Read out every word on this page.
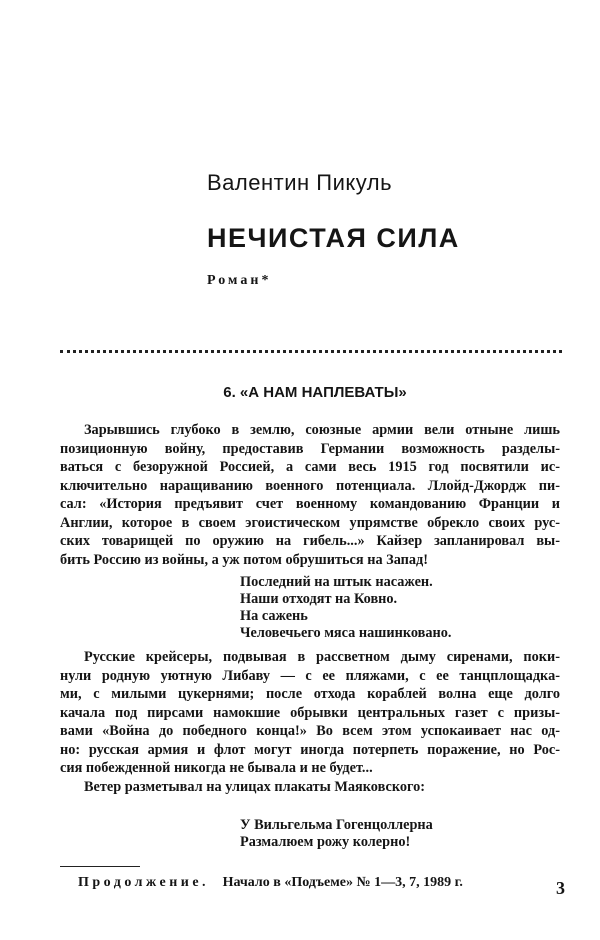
Валентин Пикуль
НЕЧИСТАЯ СИЛА
Роман*
6. «А НАМ НАПЛЕВАТЫ»
Зарывшись глубоко в землю, союзные армии вели отныне лишь
позиционную войну, предоставив Германии возможность разделы-
ваться с безоружной Россией, а сами весь 1915 год посвятили ис-
ключительно наращиванию военного потенциала. Ллойд-Джордж пи-
сал: «История предъявит счет военному командованию Франции и
Англии, которое в своем эгоистическом упрямстве обрекло своих рус-
ских товарищей по оружию на гибель...» Кайзер запланировал вы-
бить Россию из войны, а уж потом обрушиться на Запад!
Последний на штык насажен.
Наши отходят на Ковно.
На сажень
Человечьего мяса нашинковано.
Русские крейсеры, подвывая в рассветном дыму сиренами, поки-
нули родную уютную Либаву — с ее пляжами, с ее танцплощадка-
ми, с милыми цукернями; после отхода кораблей волна еще долго
качала под пирсами намокшие обрывки центральных газет с призы-
вами «Война до победного конца!» Во всем этом успокаивает нас од-
но: русская армия и флот могут иногда потерпеть поражение, но Рос-
сия побежденной никогда не бывала и не будет...
Ветер разметывал на улицах плакаты Маяковского:
У Вильгельма Гогенцоллерна
Размалюем рожу колерно!
Продолжение. Начало в «Подъеме» № 1—3, 7, 1989 г.	3
